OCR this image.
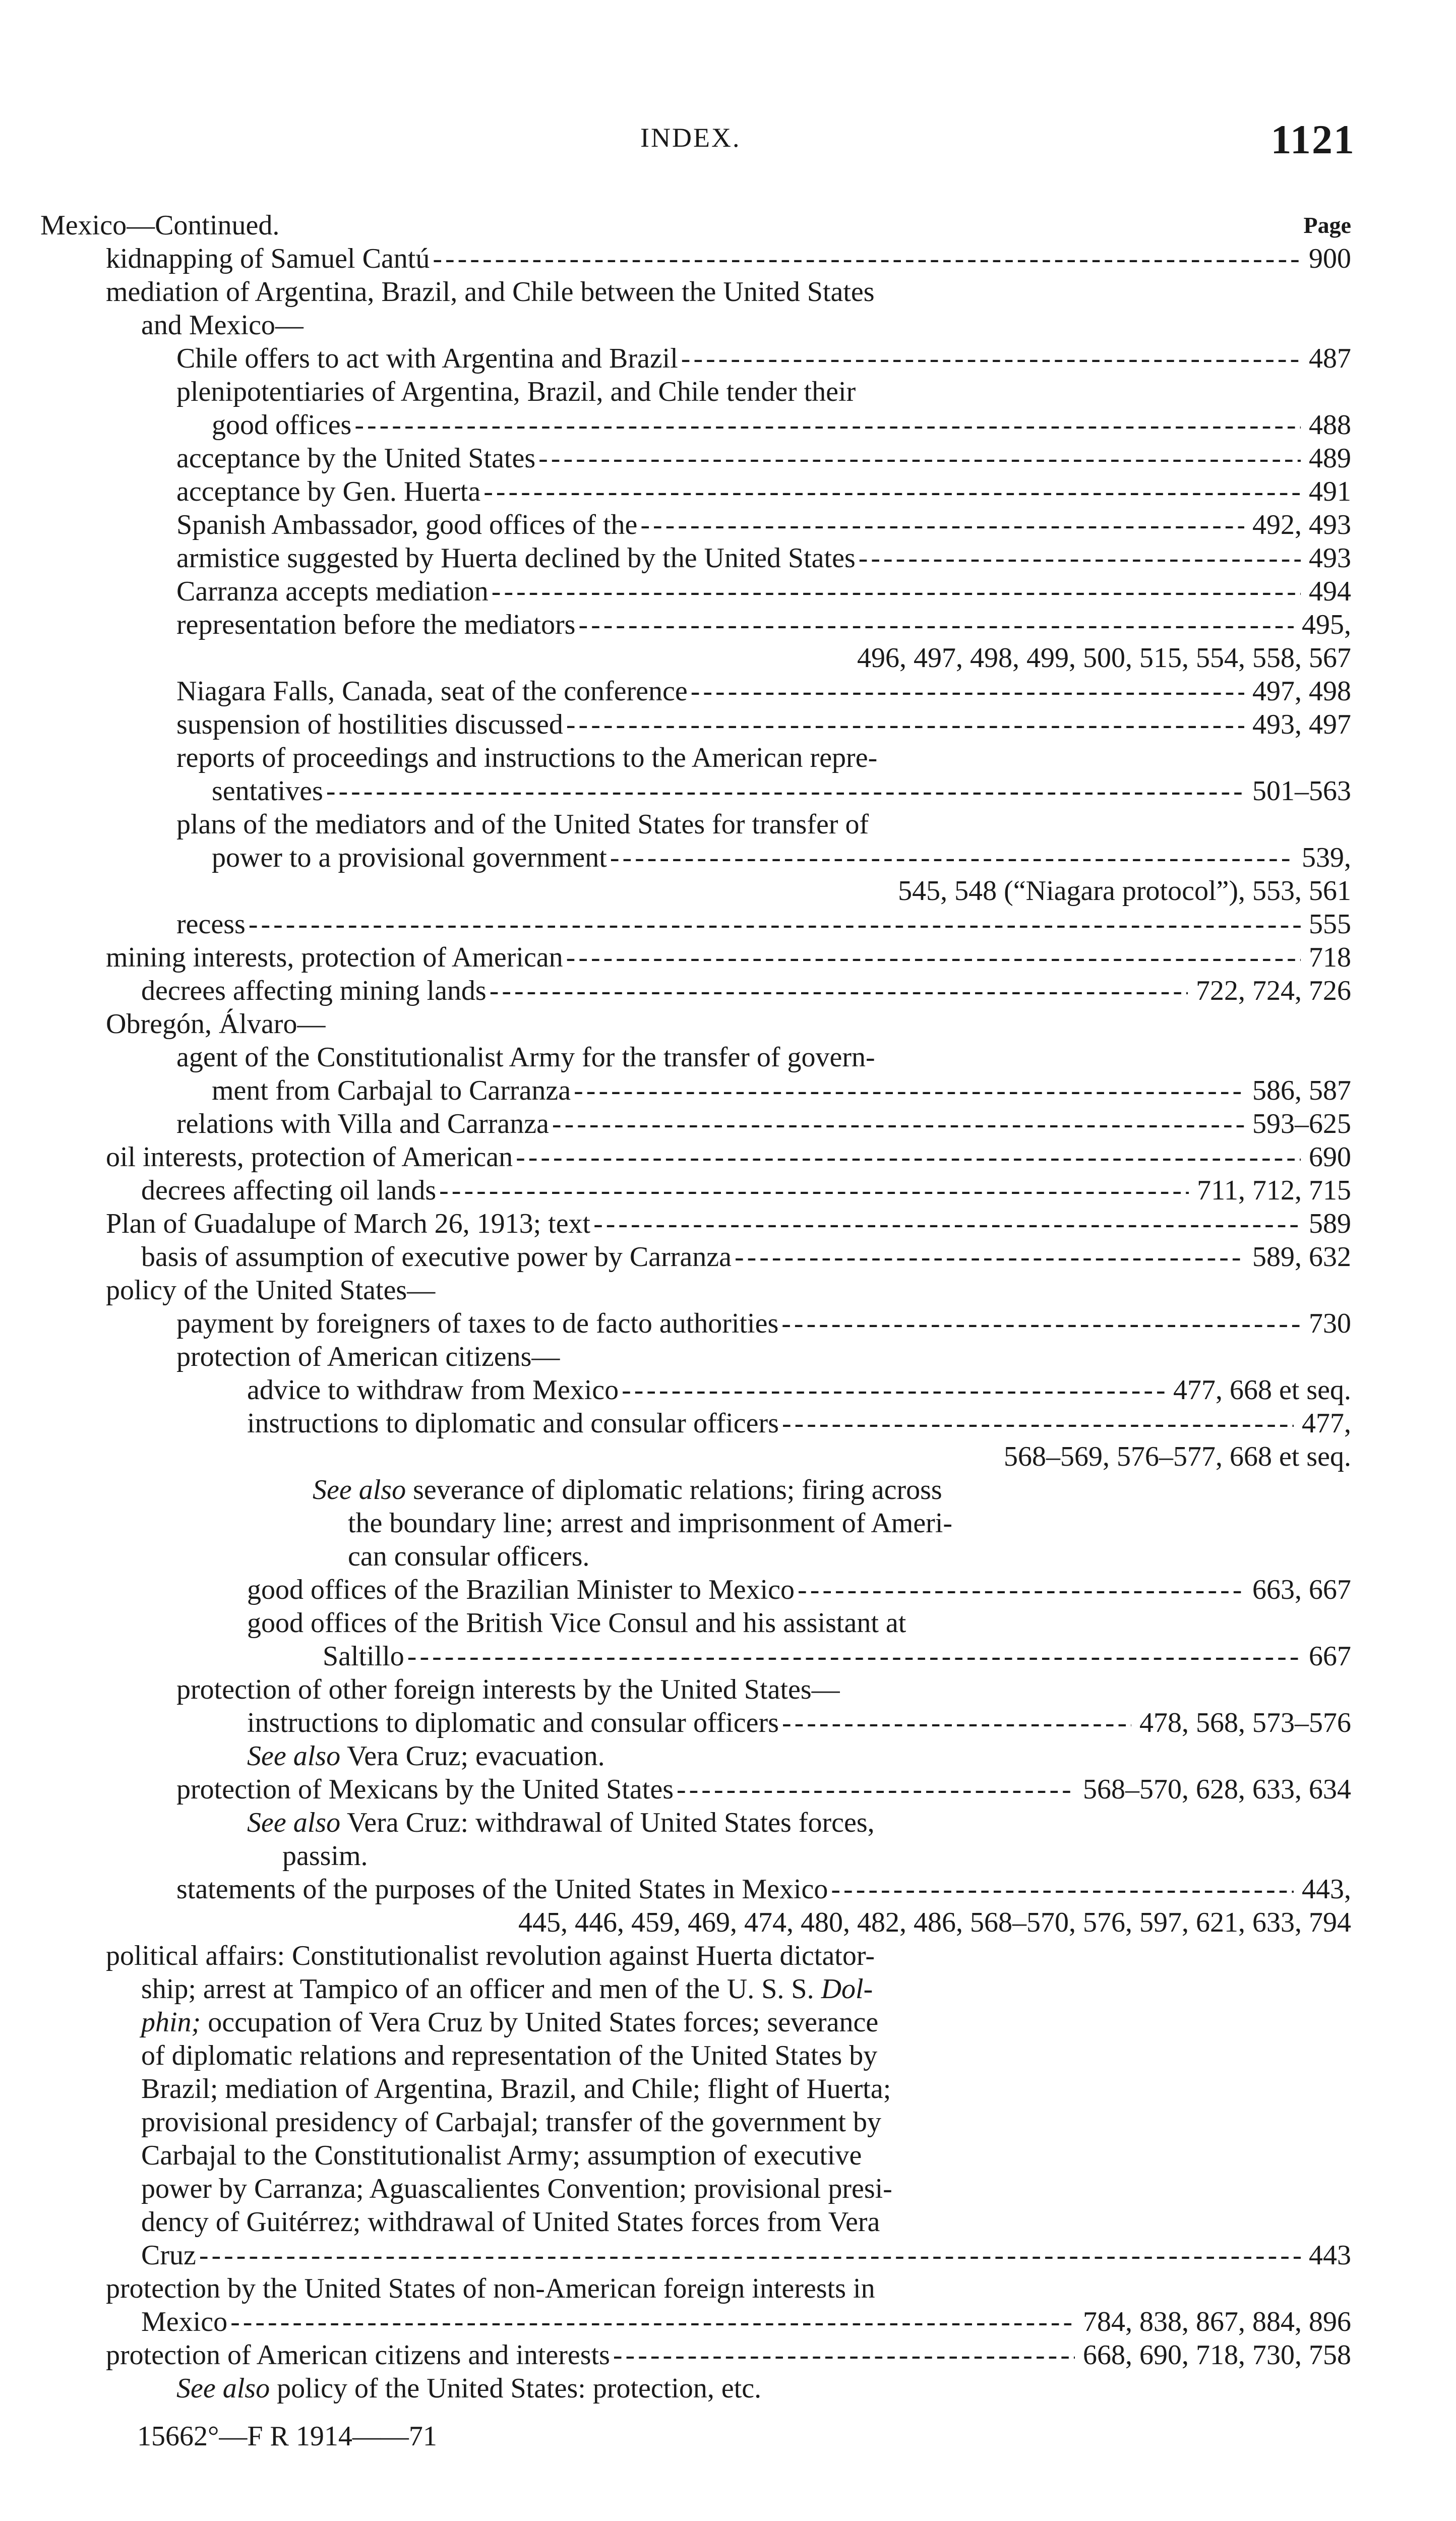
INDEX.	1121
Mexico—Continued.	Page
kidnapping of Samuel Cantú - - -	900
mediation of Argentina, Brazil, and Chile between the United States
and Mexico—
Chile offers to act with Argentina and Brazil - - -	487
plenipotentiaries of Argentina, Brazil, and Chile tender their
good offices - - -	488
acceptance by the United States - - -	489
acceptance by Gen. Huerta - - -	491
Spanish Ambassador, good offices of the - - -	492, 493
armistice suggested by Huerta declined by the United States - - -	493
Carranza accepts mediation - - -	494
representation before the mediators - - -	495,
496, 497, 498, 499, 500, 515, 554, 558, 567
Niagara Falls, Canada, seat of the conference - - -	497, 498
suspension of hostilities discussed - - -	493, 497
reports of proceedings and instructions to the American repre-
sentatives - - -	501–563
plans of the mediators and of the United States for transfer of
power to a provisional government - - -	539,
545, 548 (“Niagara protocol”), 553, 561
recess - - -	555
mining interests, protection of American - - -	718
decrees affecting mining lands - - -	722, 724, 726
Obregón, Álvaro—
agent of the Constitutionalist Army for the transfer of govern-
ment from Carbajal to Carranza - - -	586, 587
relations with Villa and Carranza - - -	593–625
oil interests, protection of American - - -	690
decrees affecting oil lands - - -	711, 712, 715
Plan of Guadalupe of March 26, 1913; text - - -	589
basis of assumption of executive power by Carranza - - -	589, 632
policy of the United States—
payment by foreigners of taxes to de facto authorities - - -	730
protection of American citizens—
advice to withdraw from Mexico - - -	477, 668 et seq.
instructions to diplomatic and consular officers - - -	477,
568–569, 576–577, 668 et seq.
See also severance of diplomatic relations; firing across
the boundary line; arrest and imprisonment of Ameri-
can consular officers.
good offices of the Brazilian Minister to Mexico - - -	663, 667
good offices of the British Vice Consul and his assistant at
Saltillo - - -	667
protection of other foreign interests by the United States—
instructions to diplomatic and consular officers - - -	478, 568, 573–576
See also Vera Cruz; evacuation.
protection of Mexicans by the United States - - -	568–570, 628, 633, 634
See also Vera Cruz: withdrawal of United States forces,
passim.
statements of the purposes of the United States in Mexico - - -	443,
445, 446, 459, 469, 474, 480, 482, 486, 568–570, 576, 597, 621, 633, 794
political affairs: Constitutionalist revolution against Huerta dictator-
ship; arrest at Tampico of an officer and men of the U. S. S. Dol-
phin; occupation of Vera Cruz by United States forces; severance
of diplomatic relations and representation of the United States by
Brazil; mediation of Argentina, Brazil, and Chile; flight of Huerta;
provisional presidency of Carbajal; transfer of the government by
Carbajal to the Constitutionalist Army; assumption of executive
power by Carranza; Aguascalientes Convention; provisional presi-
dency of Guitérrez; withdrawal of United States forces from Vera
Cruz - - -	443
protection by the United States of non-American foreign interests in
Mexico - - -	784, 838, 867, 884, 896
protection of American citizens and interests - - -	668, 690, 718, 730, 758
See also policy of the United States: protection, etc.
15662°—F R 1914——71
